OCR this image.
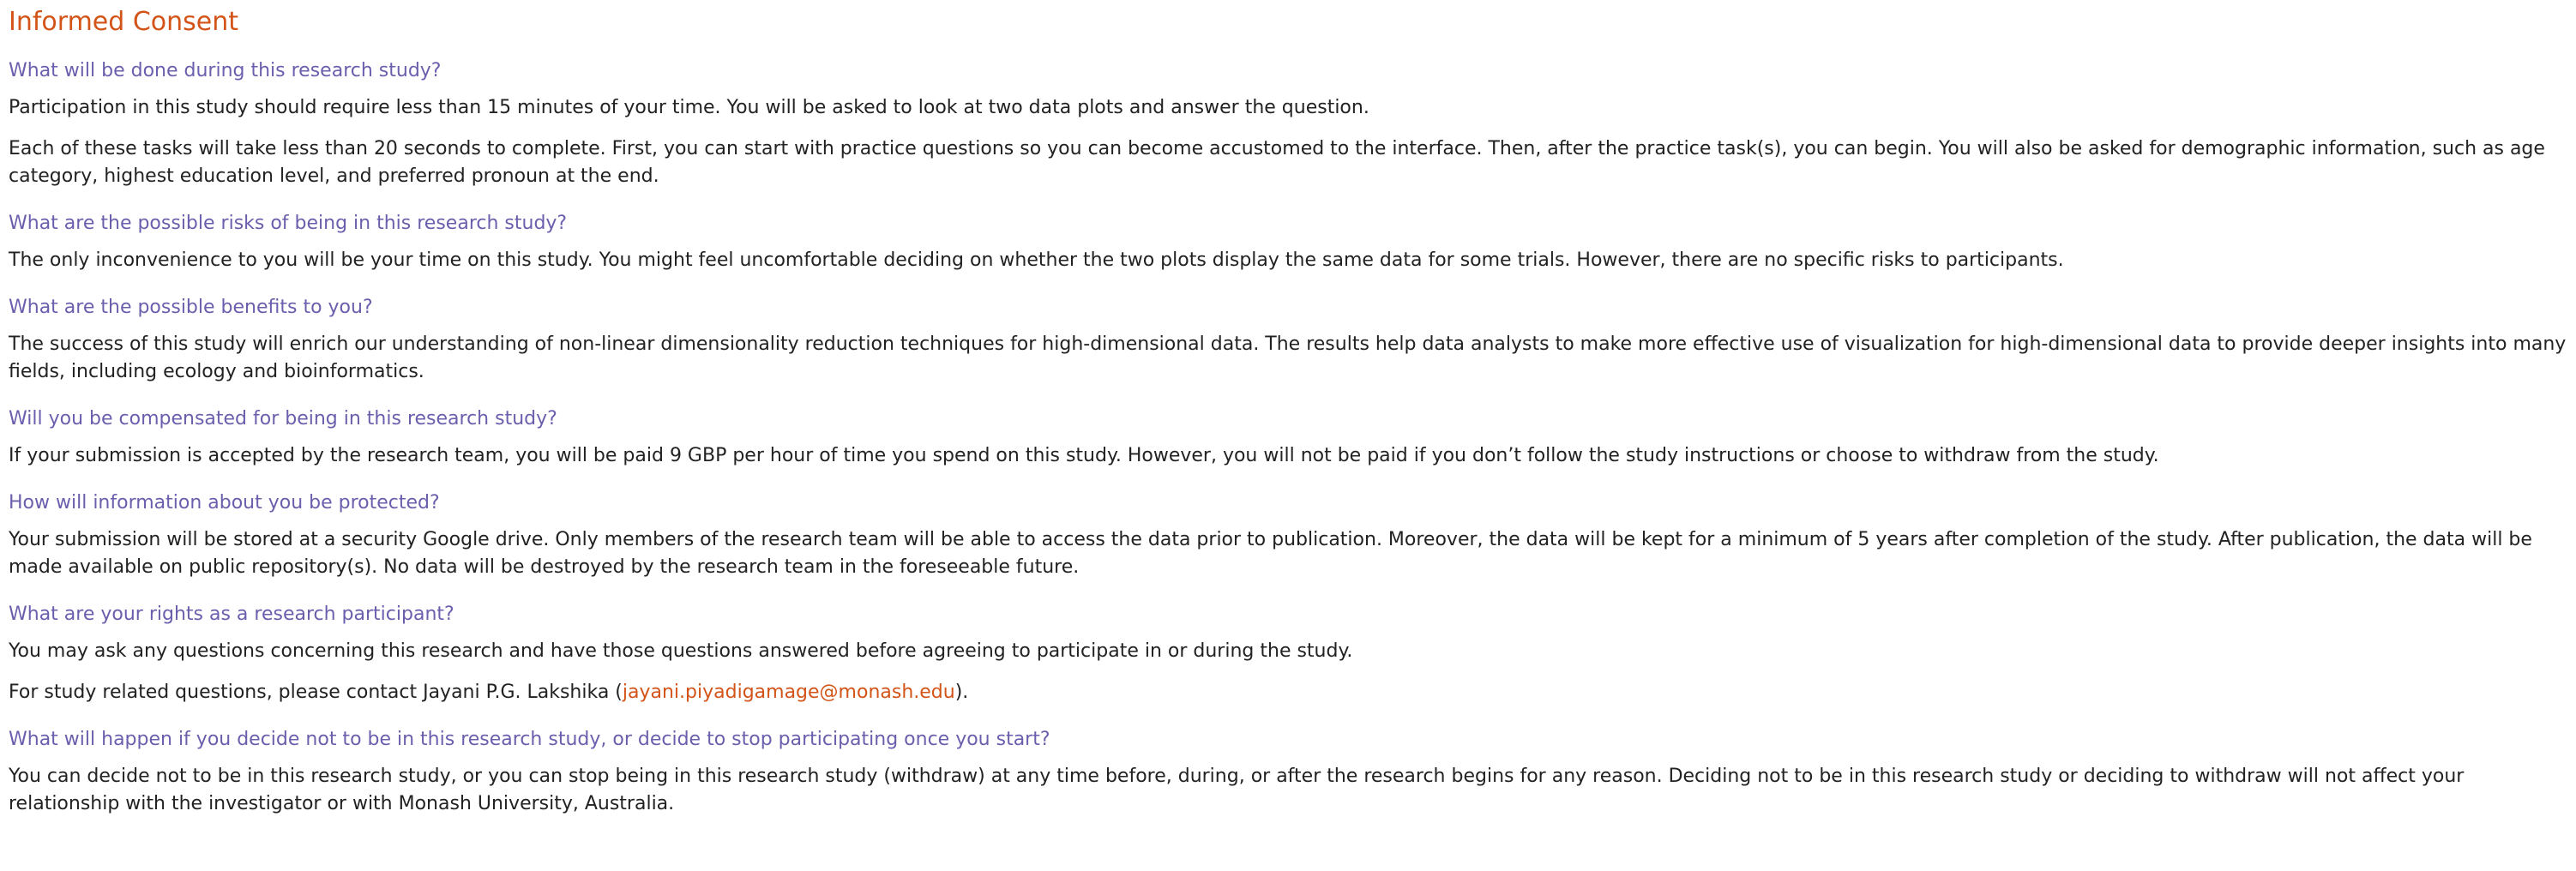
Informed Consent
What will be done during this research study?

Participation in this study should require less than 15 minutes of your time. You will be asked to look at two data plots and answer the question.

Each of these tasks will take less than 20 seconds to complete. First, you can start with practice questions so you can become accustomed to the interface. Then, after the practice task(s), you can begin. You will also be asked for demographic information, such as age category, highest education level, and preferred pronoun at the end.

What are the possible risks of being in this research study?

The only inconvenience to you will be your time on this study. You might feel uncomfortable deciding on whether the two plots display the same data for some trials. However, there are no specific risks to participants.

What are the possible benefits to you?

The success of this study will enrich our understanding of non-linear dimensionality reduction techniques for high-dimensional data. The results help data analysts to make more effective use of visualization for high-dimensional data to provide deeper insights into many fields, including ecology and bioinformatics.

Will you be compensated for being in this research study?

If your submission is accepted by the research team, you will be paid 9 GBP per hour of time you spend on this study. However, you will not be paid if you don’t follow the study instructions or choose to withdraw from the study.

How will information about you be protected?

Your submission will be stored at a security Google drive. Only members of the research team will be able to access the data prior to publication. Moreover, the data will be kept for a minimum of 5 years after completion of the study. After publication, the data will be made available on public repository(s). No data will be destroyed by the research team in the foreseeable future.

What are your rights as a research participant?

You may ask any questions concerning this research and have those questions answered before agreeing to participate in or during the study.

For study related questions, please contact Jayani P.G. Lakshika (jayani.piyadigamage@monash.edu).

What will happen if you decide not to be in this research study, or decide to stop participating once you start?

You can decide not to be in this research study, or you can stop being in this research study (withdraw) at any time before, during, or after the research begins for any reason. Deciding not to be in this research study or deciding to withdraw will not affect your relationship with the investigator or with Monash University, Australia.
